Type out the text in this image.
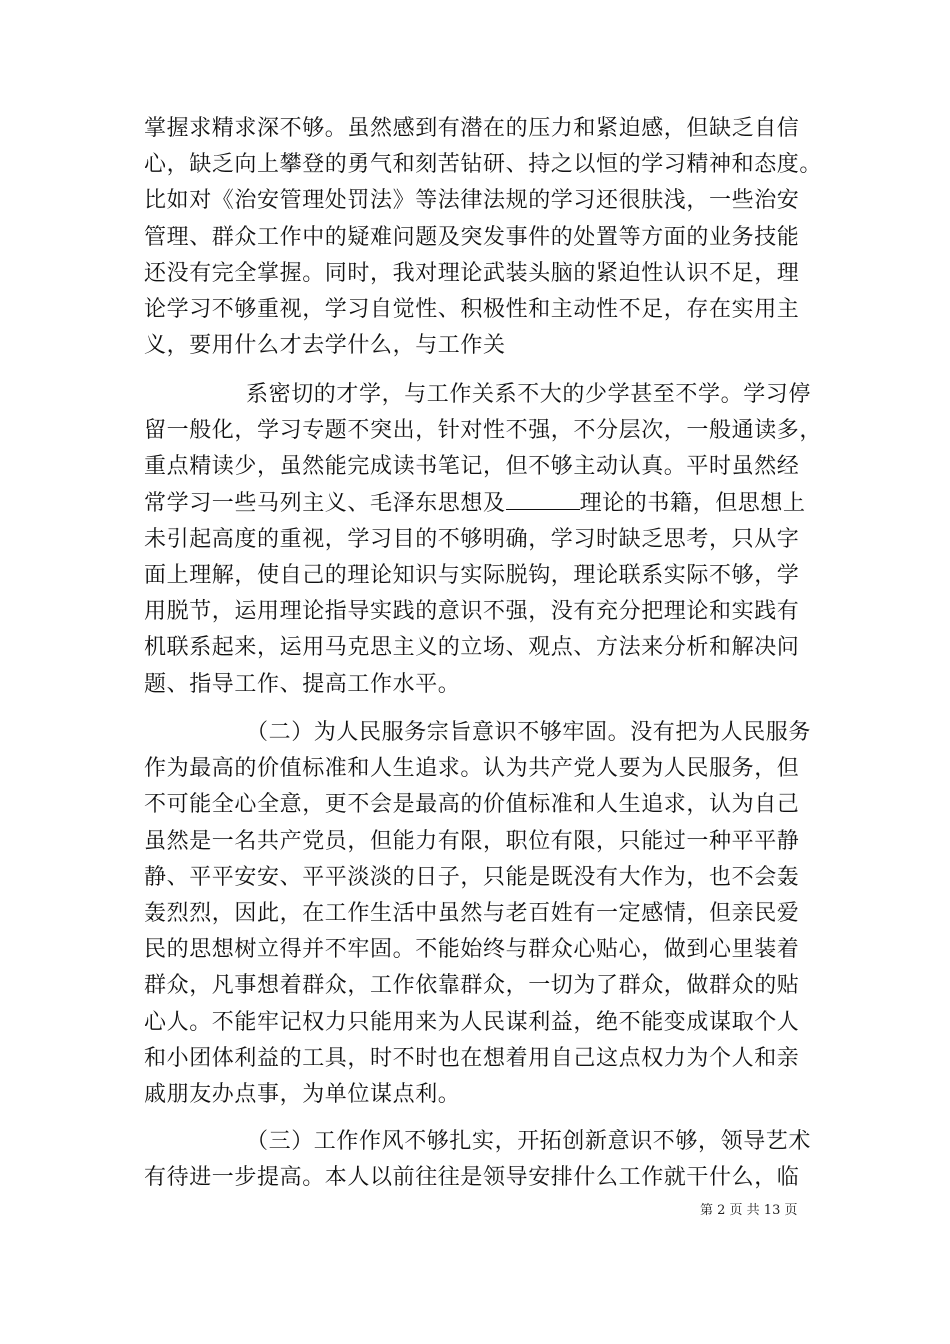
掌握求精求深不够。虽然感到有潜在的压力和紧迫感，但缺乏自信
心，缺乏向上攀登的勇气和刻苦钻研、持之以恒的学习精神和态度。
比如对《治安管理处罚法》等法律法规的学习还很肤浅，一些治安
管理、群众工作中的疑难问题及突发事件的处置等方面的业务技能
还没有完全掌握。同时，我对理论武装头脑的紧迫性认识不足，理
论学习不够重视，学习自觉性、积极性和主动性不足，存在实用主
义，要用什么才去学什么，与工作关
系密切的才学，与工作关系不大的少学甚至不学。学习停
留一般化，学习专题不突出，针对性不强，不分层次，一般通读多，
重点精读少，虽然能完成读书笔记，但不够主动认真。平时虽然经
常学习一些马列主义、毛泽东思想及	理论的书籍，但思想上
未引起高度的重视，学习目的不够明确，学习时缺乏思考，只从字
面上理解，使自己的理论知识与实际脱钩，理论联系实际不够，学
用脱节，运用理论指导实践的意识不强，没有充分把理论和实践有
机联系起来，运用马克思主义的立场、观点、方法来分析和解决问
题、指导工作、提高工作水平。
（二）为人民服务宗旨意识不够牢固。没有把为人民服务
作为最高的价值标准和人生追求。认为共产党人要为人民服务，但
不可能全心全意，更不会是最高的价值标准和人生追求，认为自己
虽然是一名共产党员，但能力有限，职位有限，只能过一种平平静
静、平平安安、平平淡淡的日子，只能是既没有大作为，也不会轰
轰烈烈，因此，在工作生活中虽然与老百姓有一定感情，但亲民爱
民的思想树立得并不牢固。不能始终与群众心贴心，做到心里装着
群众，凡事想着群众，工作依靠群众，一切为了群众，做群众的贴
心人。不能牢记权力只能用来为人民谋利益，绝不能变成谋取个人
和小团体利益的工具，时不时也在想着用自己这点权力为个人和亲
戚朋友办点事，为单位谋点利。
（三）工作作风不够扎实，开拓创新意识不够，领导艺术
有待进一步提高。本人以前往往是领导安排什么工作就干什么，临
第 2 页 共 13 页
